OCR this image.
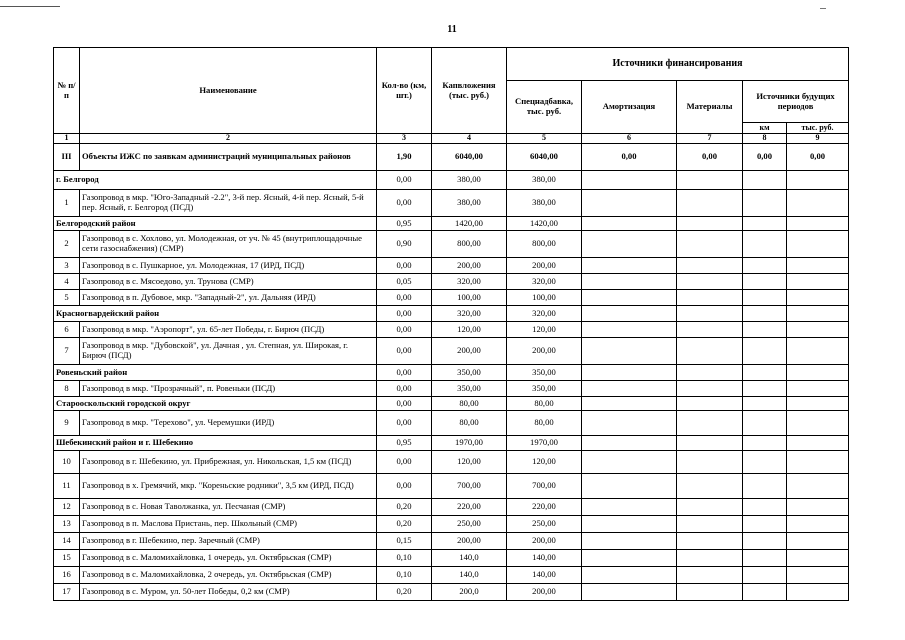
11
№ п/п	Наименование	Кол-во (км, шт.)	Капвложения (тыс. руб.)	Источники финансирования				
				Спецнадбавка, тыс. руб.	Амортизация	Материалы	Источники будущих периодов	
							км	тыс. руб.
1	2	3	4	5	6	7	8	9
III	Объекты ИЖС по заявкам администраций муниципальных районов	1,90	6040,00	6040,00	0,00	0,00	0,00	0,00
г. Белгород		0,00	380,00	380,00				
1	Газопровод в мкр. "Юго-Западный -2.2", 3-й пер. Ясный, 4-й пер. Ясный, 5-й пер. Ясный, г. Белгород (ПСД)	0,00	380,00	380,00				
Белгородский район		0,95	1420,00	1420,00				
2	Газопровод в с. Хохлово, ул. Молодежная, от уч. № 45 (внутриплощадочные сети газоснабжения) (СМР)	0,90	800,00	800,00				
3	Газопровод в с. Пушкарное, ул. Молодежная, 17 (ИРД, ПСД)	0,00	200,00	200,00				
4	Газопровод в с. Мясоедово, ул. Трунова (СМР)	0,05	320,00	320,00				
5	Газопровод в п. Дубовое, мкр. "Западный-2", ул. Дальняя (ИРД)	0,00	100,00	100,00				
Красногвардейский район		0,00	320,00	320,00				
6	Газопровод в мкр. "Аэропорт", ул. 65-лет Победы, г. Бирюч (ПСД)	0,00	120,00	120,00				
7	Газопровод в мкр. "Дубовской", ул. Дачная , ул. Степная, ул. Широкая, г. Бирюч (ПСД)	0,00	200,00	200,00				
Ровеньский район		0,00	350,00	350,00				
8	Газопровод в мкр. "Прозрачный", п. Ровеньки (ПСД)	0,00	350,00	350,00				
Старооскольский городской округ		0,00	80,00	80,00				
9	Газопровод в мкр. "Терехово", ул. Черемушки (ИРД)	0,00	80,00	80,00				
Шебекинский район и г. Шебекино		0,95	1970,00	1970,00				
10	Газопровод в г. Шебекино, ул. Прибрежная, ул. Никольская, 1,5 км (ПСД)	0,00	120,00	120,00				
11	Газопровод в х. Гремячий, мкр. "Кореньские родники", 3,5 км (ИРД, ПСД)	0,00	700,00	700,00				
12	Газопровод в с. Новая Таволжанка, ул. Песчаная (СМР)	0,20	220,00	220,00				
13	Газопровод в п. Маслова Пристань, пер. Школьный (СМР)	0,20	250,00	250,00				
14	Газопровод в г. Шебекино, пер. Заречный (СМР)	0,15	200,00	200,00				
15	Газопровод в с. Маломихайловка, 1 очередь, ул. Октябрьская (СМР)	0,10	140,0	140,00				
16	Газопровод в с. Маломихайловка, 2 очередь, ул. Октябрьская (СМР)	0,10	140,0	140,00				
17	Газопровод в с. Муром, ул. 50-лет Победы, 0,2 км (СМР)	0,20	200,0	200,00				
